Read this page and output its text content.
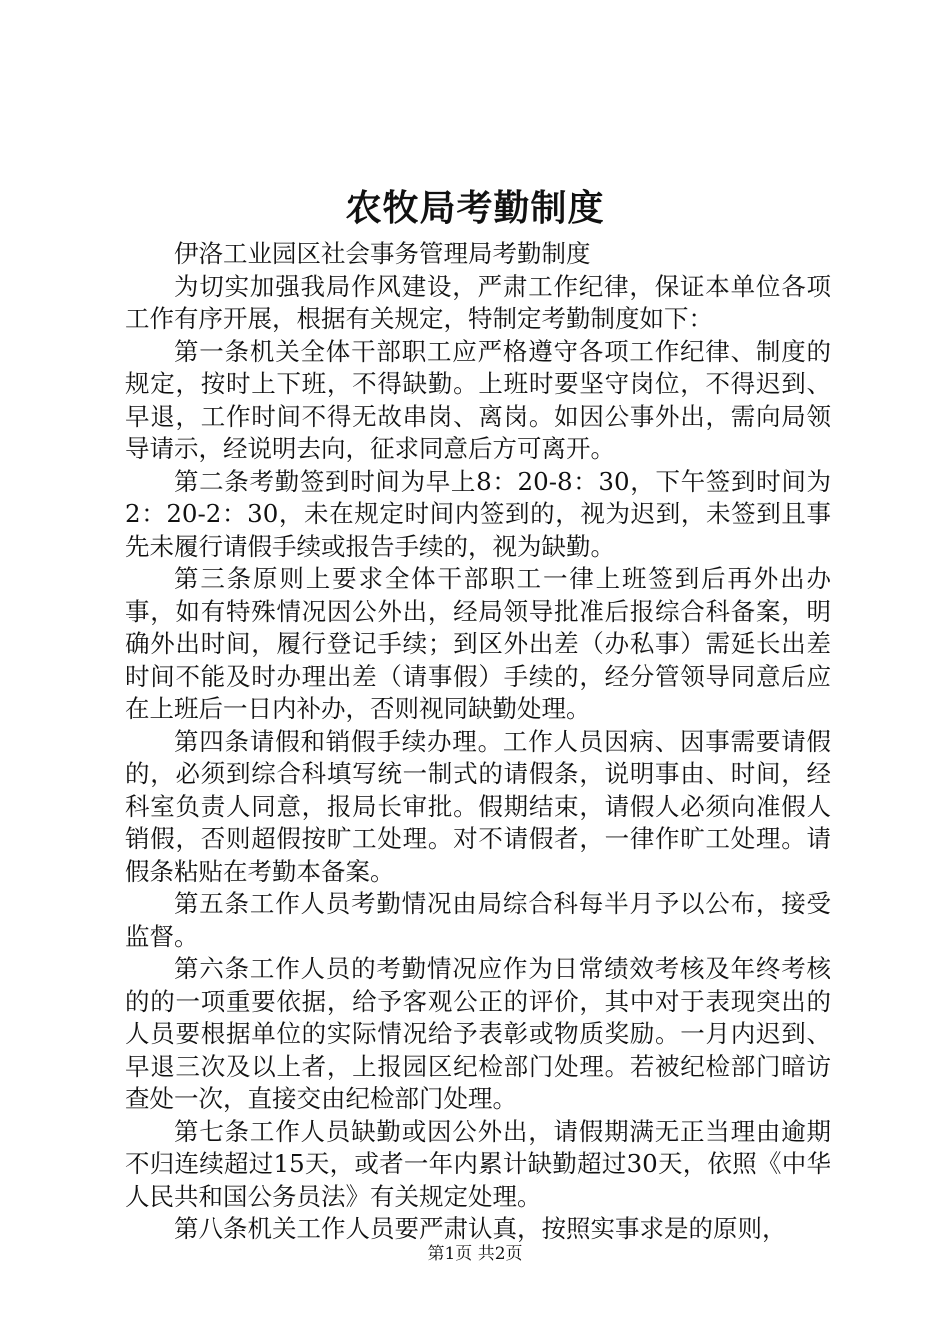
农牧局考勤制度

伊洛工业园区社会事务管理局考勤制度

为切实加强我局作风建设，严肃工作纪律，保证本单位各项工作有序开展，根据有关规定，特制定考勤制度如下：

第一条机关全体干部职工应严格遵守各项工作纪律、制度的规定，按时上下班，不得缺勤。上班时要坚守岗位，不得迟到、早退，工作时间不得无故串岗、离岗。如因公事外出，需向局领导请示，经说明去向，征求同意后方可离开。

第二条考勤签到时间为早上8：20-8：30，下午签到时间为2：20-2：30，未在规定时间内签到的，视为迟到，未签到且事先未履行请假手续或报告手续的，视为缺勤。

第三条原则上要求全体干部职工一律上班签到后再外出办事，如有特殊情况因公外出，经局领导批准后报综合科备案，明确外出时间，履行登记手续；到区外出差（办私事）需延长出差时间不能及时办理出差（请事假）手续的，经分管领导同意后应在上班后一日内补办，否则视同缺勤处理。

第四条请假和销假手续办理。工作人员因病、因事需要请假的，必须到综合科填写统一制式的请假条，说明事由、时间，经科室负责人同意，报局长审批。假期结束，请假人必须向准假人销假，否则超假按旷工处理。对不请假者，一律作旷工处理。请假条粘贴在考勤本备案。

第五条工作人员考勤情况由局综合科每半月予以公布，接受监督。

第六条工作人员的考勤情况应作为日常绩效考核及年终考核的的一项重要依据，给予客观公正的评价，其中对于表现突出的人员要根据单位的实际情况给予表彰或物质奖励。一月内迟到、早退三次及以上者，上报园区纪检部门处理。若被纪检部门暗访查处一次，直接交由纪检部门处理。

第七条工作人员缺勤或因公外出，请假期满无正当理由逾期不归连续超过15天，或者一年内累计缺勤超过30天，依照《中华人民共和国公务员法》有关规定处理。

第八条机关工作人员要严肃认真，按照实事求是的原则，

第1页 共2页
